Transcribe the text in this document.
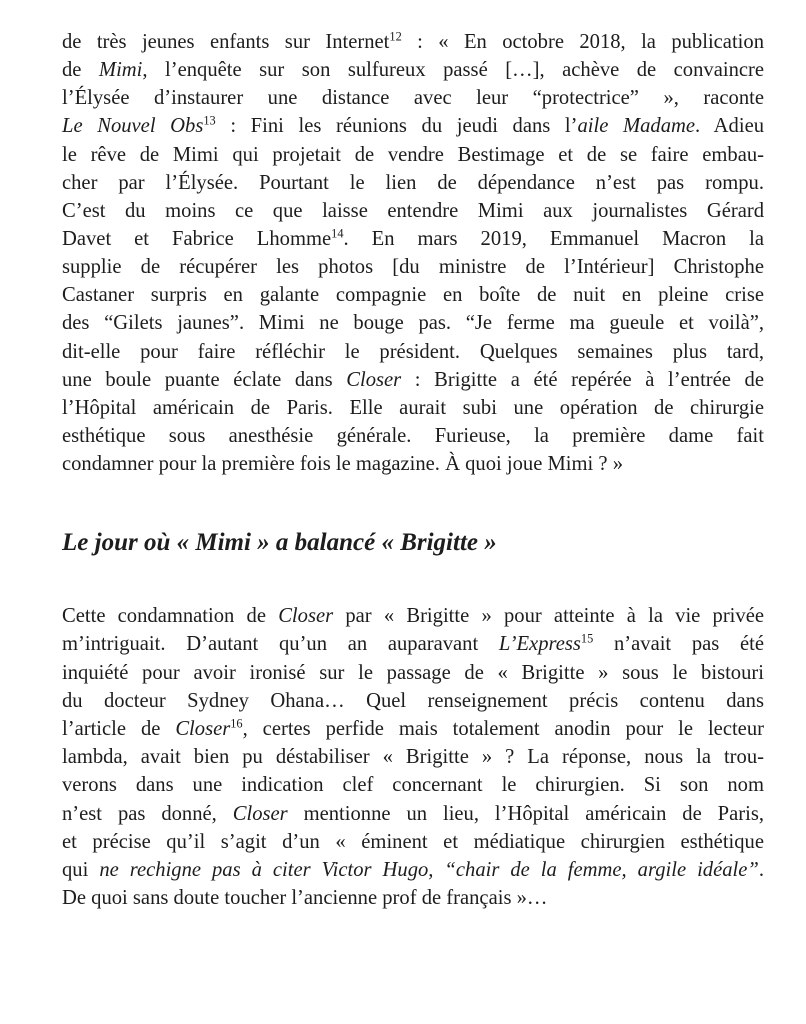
de très jeunes enfants sur Internet$^{12}$ : « En octobre 2018, la publication
de Mimi, l’enquête sur son sulfureux passé […], achève de convaincre
l’Élysée d’instaurer une distance avec leur “protectrice” », raconte
Le Nouvel Obs$^{13}$ : Fini les réunions du jeudi dans l’aile Madame. Adieu
le rêve de Mimi qui projetait de vendre Bestimage et de se faire embau-
cher par l’Élysée. Pourtant le lien de dépendance n’est pas rompu.
C’est du moins ce que laisse entendre Mimi aux journalistes Gérard
Davet et Fabrice Lhomme$^{14}$. En mars 2019, Emmanuel Macron la
supplie de récupérer les photos [du ministre de l’Intérieur] Christophe
Castaner surpris en galante compagnie en boîte de nuit en pleine crise
des “Gilets jaunes”. Mimi ne bouge pas. “Je ferme ma gueule et voilà”,
dit-elle pour faire réfléchir le président. Quelques semaines plus tard,
une boule puante éclate dans Closer : Brigitte a été repérée à l’entrée de
l’Hôpital américain de Paris. Elle aurait subi une opération de chirurgie
esthétique sous anesthésie générale. Furieuse, la première dame fait
condamner pour la première fois le magazine. À quoi joue Mimi ? »
Le jour où « Mimi » a balancé « Brigitte »
Cette condamnation de Closer par « Brigitte » pour atteinte à la vie privée
m’intriguait. D’autant qu’un an auparavant L’Express$^{15}$ n’avait pas été
inquiété pour avoir ironisé sur le passage de « Brigitte » sous le bistouri
du docteur Sydney Ohana… Quel renseignement précis contenu dans
l’article de Closer$^{16}$, certes perfide mais totalement anodin pour le lecteur
lambda, avait bien pu déstabiliser « Brigitte » ? La réponse, nous la trou-
verons dans une indication clef concernant le chirurgien. Si son nom
n’est pas donné, Closer mentionne un lieu, l’Hôpital américain de Paris,
et précise qu’il s’agit d’un « éminent et médiatique chirurgien esthétique
qui ne rechigne pas à citer Victor Hugo, “chair de la femme, argile idéale”.
De quoi sans doute toucher l’ancienne prof de français »…
